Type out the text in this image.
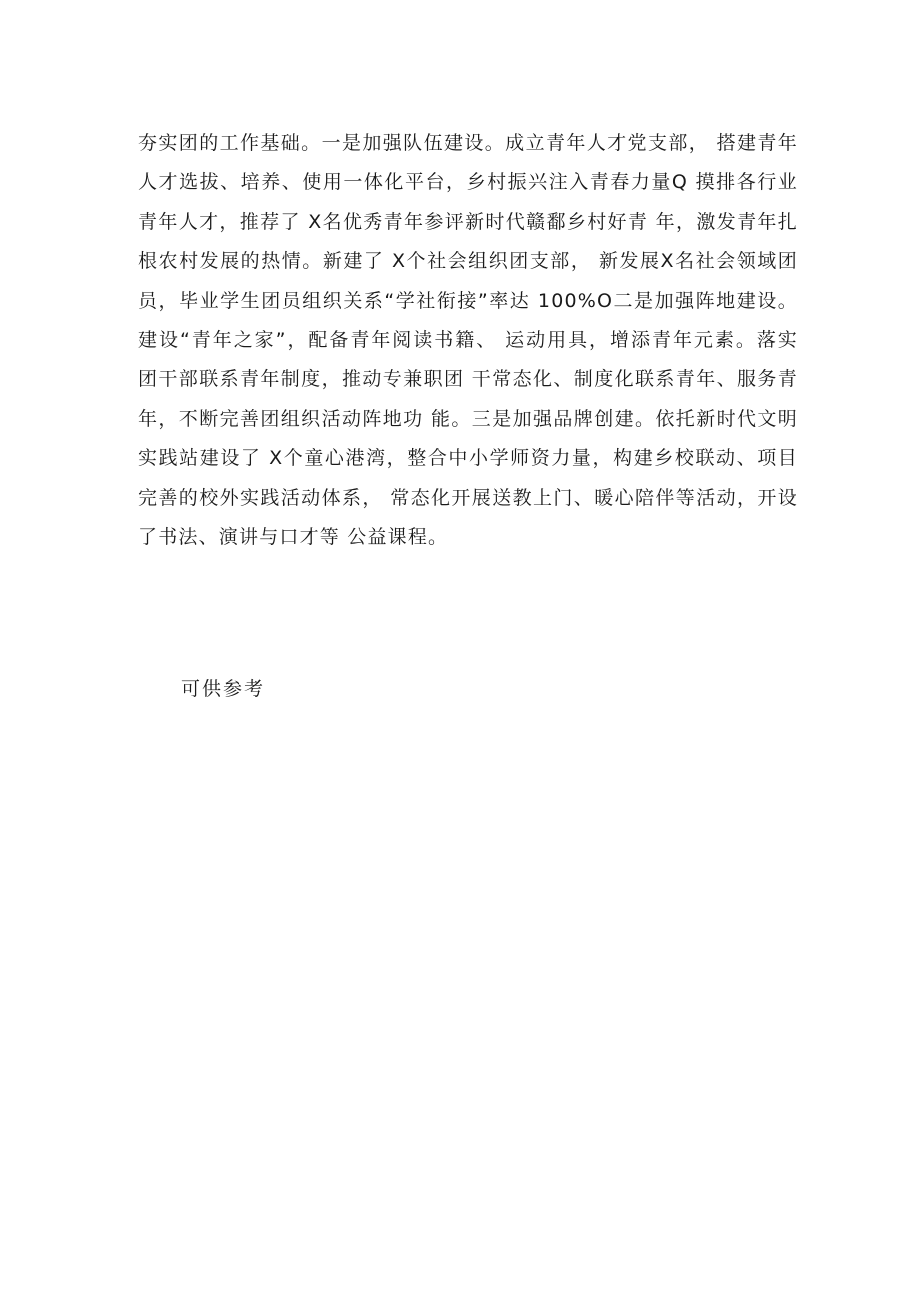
夯实团的工作基础。一是加强队伍建设。成立青年人才党支部， 搭建青年
人才选拔、培养、使用一体化平台，乡村振兴注入青春力量Q 摸排各行业
青年人才，推荐了 X名优秀青年参评新时代赣鄱乡村好青 年，激发青年扎
根农村发展的热情。新建了 X个社会组织团支部， 新发展X名社会领域团
员，毕业学生团员组织关系“学社衔接”率达 100%O二是加强阵地建设。
建设“青年之家”，配备青年阅读书籍、 运动用具，增添青年元素。落实
团干部联系青年制度，推动专兼职团 干常态化、制度化联系青年、服务青
年，不断完善团组织活动阵地功 能。三是加强品牌创建。依托新时代文明
实践站建设了 X个童心港湾，整合中小学师资力量，构建乡校联动、项目
完善的校外实践活动体系， 常态化开展送教上门、暖心陪伴等活动，开设
了书法、演讲与口才等 公益课程。

可供参考
